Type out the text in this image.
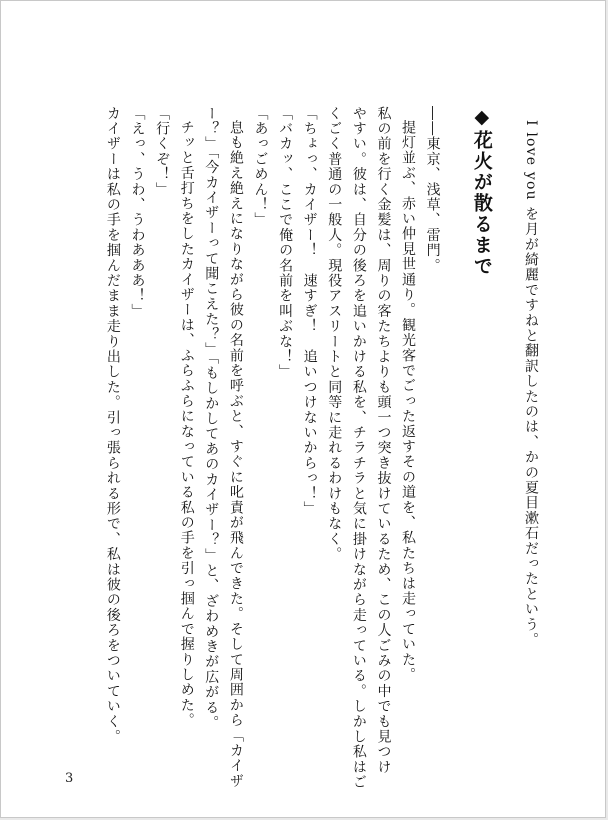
I love you を月が綺麗ですねと翻訳したのは、かの夏目漱石だったという。
◆花火が散るまで
――東京、浅草、雷門。
提灯並ぶ、赤い仲見世通り。観光客でごった返すその道を、私たちは走っていた。
私の前を行く金髪は、周りの客たちよりも頭一つ突き抜けているため、この人ごみの中でも見つけ
やすい。彼は、自分の後ろを追いかける私を、チラチラと気に掛けながら走っている。しかし私はご
くごく普通の一般人。現役アスリートと同等に走れるわけもなく。
「ちょっ、カイザー！　速すぎ！　追いつけないからっ！」
「バカッ、ここで俺の名前を叫ぶな！」
「あっごめん！」
息も絶え絶えになりながら彼の名前を呼ぶと、すぐに叱責が飛んできた。そして周囲から「カイザ
ー？」「今カイザーって聞こえた？」「もしかしてあのカイザー？」と、ざわめきが広がる。
チッと舌打ちをしたカイザーは、ふらふらになっている私の手を引っ掴んで握りしめた。
「行くぞ！」
「えっ、うわ、うわあああ！」
カイザーは私の手を掴んだまま走り出した。引っ張られる形で、私は彼の後ろをついていく。
3
